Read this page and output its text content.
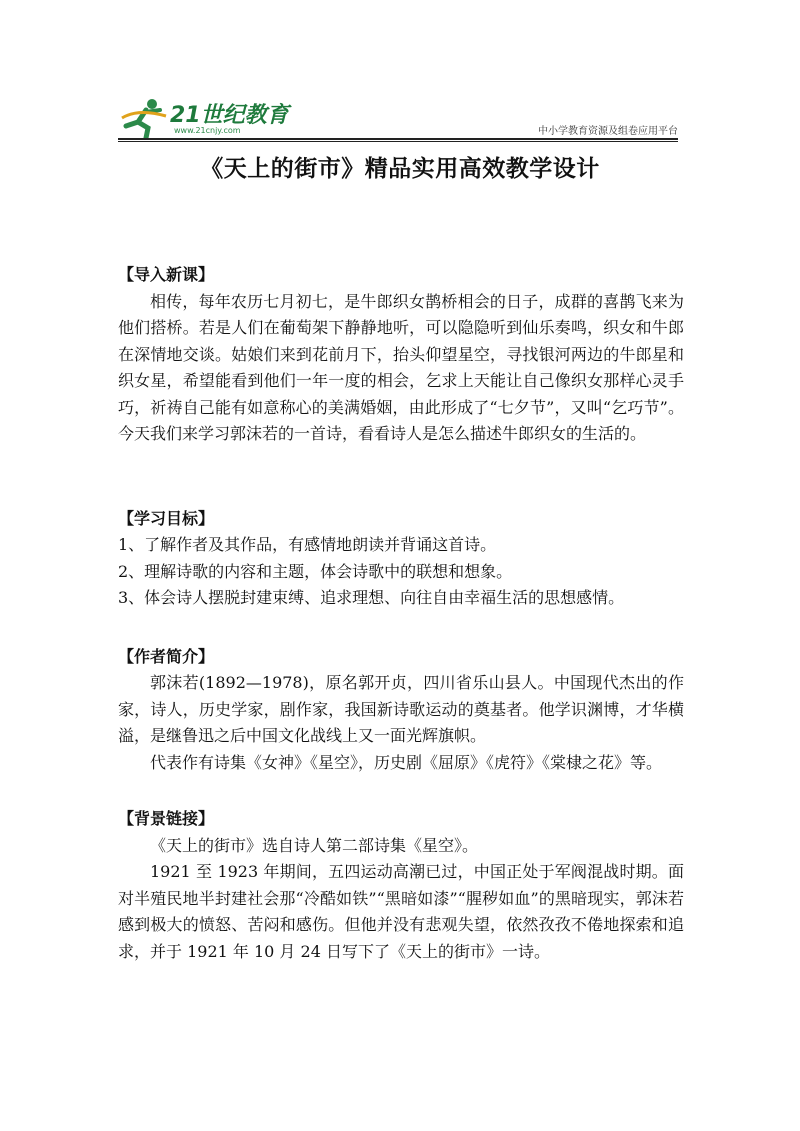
21世纪教育
www.21cnjy.com	中小学教育资源及组卷应用平台
《天上的街市》精品实用高效教学设计

【导入新课】

相传，每年农历七月初七，是牛郎织女鹊桥相会的日子，成群的喜鹊飞来为他们搭桥。若是人们在葡萄架下静静地听，可以隐隐听到仙乐奏鸣，织女和牛郎在深情地交谈。姑娘们来到花前月下，抬头仰望星空，寻找银河两边的牛郎星和织女星，希望能看到他们一年一度的相会，乞求上天能让自己像织女那样心灵手巧，祈祷自己能有如意称心的美满婚姻，由此形成了“七夕节”，又叫“乞巧节”。今天我们来学习郭沫若的一首诗，看看诗人是怎么描述牛郎织女的生活的。

【学习目标】

1、了解作者及其作品，有感情地朗读并背诵这首诗。

2、理解诗歌的内容和主题，体会诗歌中的联想和想象。

3、体会诗人摆脱封建束缚、追求理想、向往自由幸福生活的思想感情。

【作者简介】

郭沫若(1892—1978)，原名郭开贞，四川省乐山县人。中国现代杰出的作家，诗人，历史学家，剧作家，我国新诗歌运动的奠基者。他学识渊博，才华横溢，是继鲁迅之后中国文化战线上又一面光辉旗帜。

代表作有诗集《女神》《星空》，历史剧《屈原》《虎符》《棠棣之花》等。

【背景链接】

《天上的街市》选自诗人第二部诗集《星空》。

1921 至 1923 年期间，五四运动高潮已过，中国正处于军阀混战时期。面对半殖民地半封建社会那“冷酷如铁”“黑暗如漆”“腥秽如血”的黑暗现实，郭沫若感到极大的愤怒、苦闷和感伤。但他并没有悲观失望，依然孜孜不倦地探索和追求，并于 1921 年 10 月 24 日写下了《天上的街市》一诗。
